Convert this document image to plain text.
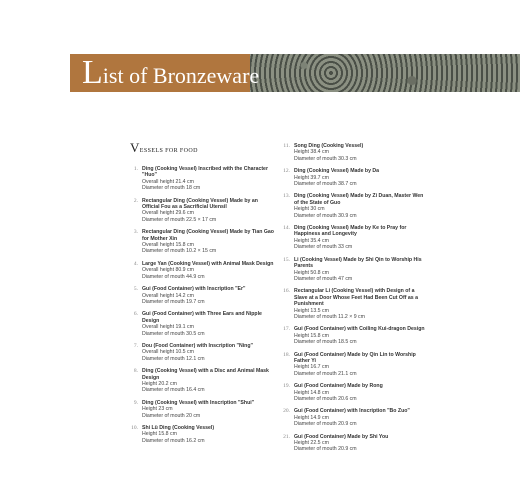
List of Bronzeware
VESSELS FOR FOOD
1. Ding (Cooking Vessel) Inscribed with the Character "Huo"
Overall height 21.4 cm
Diameter of mouth 18 cm
2. Rectangular Ding (Cooking Vessel) Made by an Official Fou as a Sacrificial Utensil
Overall height 29.6 cm
Diameter of mouth 22.5 × 17 cm
3. Rectangular Ding (Cooking Vessel) Made by Tian Gao for Mother Xin
Overall height 15.8 cm
Diameter of mouth 10.2 × 15 cm
4. Large Yan (Cooking Vessel) with Animal Mask Design
Overall height 80.9 cm
Diameter of mouth 44.9 cm
5. Gui (Food Container) with Inscription "Er"
Overall height 14.2 cm
Diameter of mouth 19.7 cm
6. Gui (Food Container) with Three Ears and Nipple Design
Overall height 19.1 cm
Diameter of mouth 30.5 cm
7. Dou (Food Container) with Inscription "Ning"
Overall height 10.5 cm
Diameter of mouth 12.1 cm
8. Ding (Cooking Vessel) with a Disc and Animal Mask Design
Height 20.2 cm
Diameter of mouth 16.4 cm
9. Ding (Cooking Vessel) with Inscription "Shui"
Height 23 cm
Diameter of mouth 20 cm
10. Shi Lü Ding (Cooking Vessel)
Height 15.8 cm
Diameter of mouth 16.2 cm
11. Song Ding (Cooking Vessel)
Height 38.4 cm
Diameter of mouth 30.3 cm
12. Ding (Cooking Vessel) Made by Da
Height 39.7 cm
Diameter of mouth 38.7 cm
13. Ding (Cooking Vessel) Made by Zi Duan, Master Wen of the State of Guo
Height 30 cm
Diameter of mouth 30.9 cm
14. Ding (Cooking Vessel) Made by Ke to Pray for Happiness and Longevity
Height 35.4 cm
Diameter of mouth 33 cm
15. Li (Cooking Vessel) Made by Shi Qin to Worship His Parents
Height 50.8 cm
Diameter of mouth 47 cm
16. Rectangular Li (Cooking Vessel) with Design of a Slave at a Door Whose Feet Had Been Cut Off as a Punishment
Height 13.5 cm
Diameter of mouth 11.2 × 9 cm
17. Gui (Food Container) with Coiling Kui-dragon Design
Height 15.8 cm
Diameter of mouth 18.5 cm
18. Gui (Food Container) Made by Qin Lin to Worship Father Yi
Height 16.7 cm
Diameter of mouth 21.1 cm
19. Gui (Food Container) Made by Rong
Height 14.8 cm
Diameter of mouth 20.6 cm
20. Gui (Food Container) with Inscription "Bo Zuo"
Height 14.9 cm
Diameter of mouth 20.9 cm
21. Gui (Food Container) Made by Shi You
Height 22.5 cm
Diameter of mouth 20.9 cm
